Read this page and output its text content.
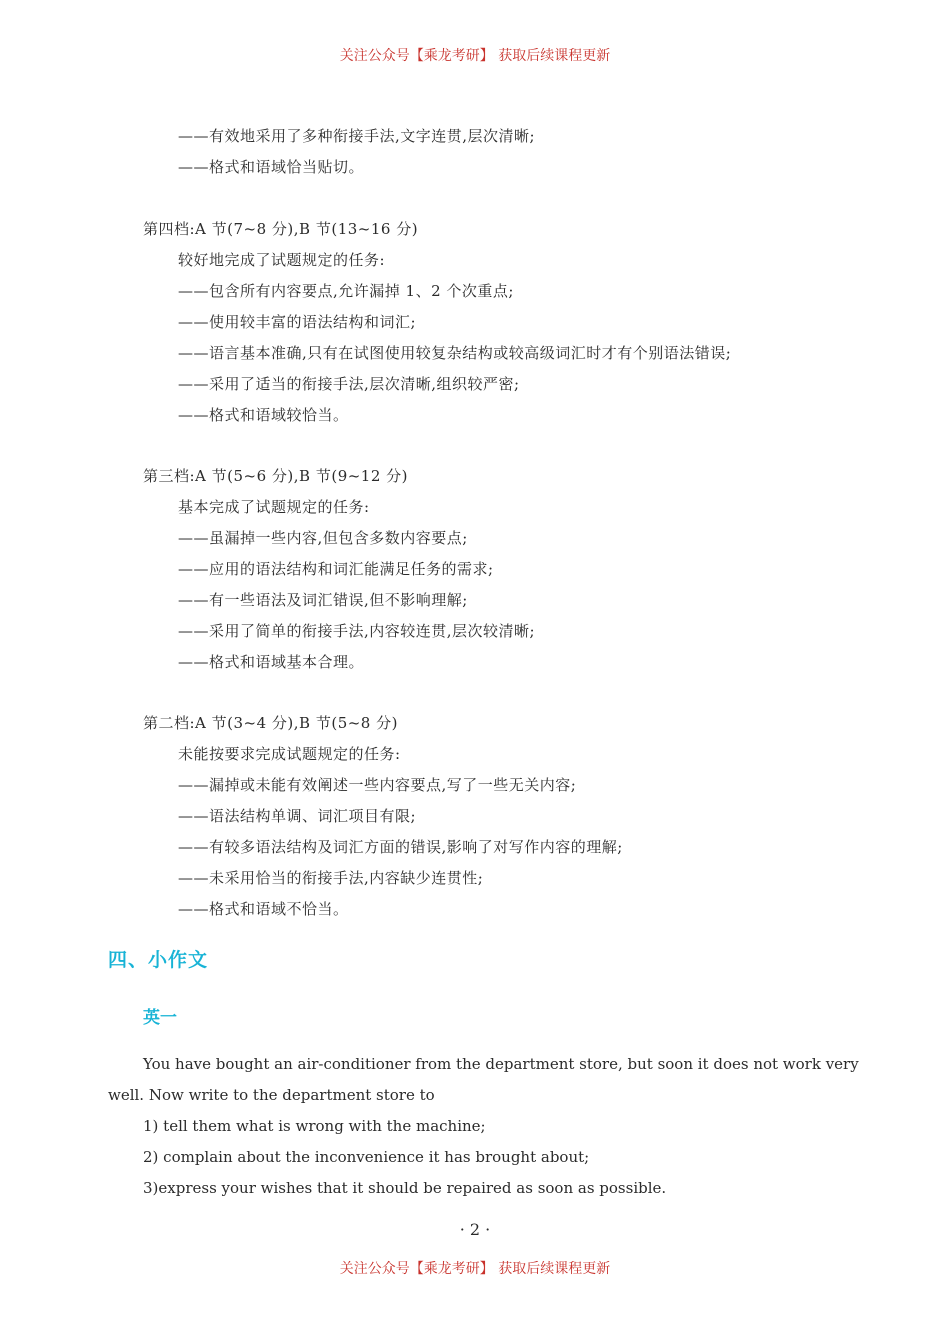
关注公众号【乘龙考研】 获取后续课程更新
——有效地采用了多种衔接手法,文字连贯,层次清晰;
——格式和语域恰当贴切。
第四档:A 节(7~8 分),B 节(13~16 分)
较好地完成了试题规定的任务:
——包含所有内容要点,允许漏掉 1、2 个次重点;
——使用较丰富的语法结构和词汇;
——语言基本准确,只有在试图使用较复杂结构或较高级词汇时才有个别语法错误;
——采用了适当的衔接手法,层次清晰,组织较严密;
——格式和语域较恰当。
第三档:A 节(5~6 分),B 节(9~12 分)
基本完成了试题规定的任务:
——虽漏掉一些内容,但包含多数内容要点;
——应用的语法结构和词汇能满足任务的需求;
——有一些语法及词汇错误,但不影响理解;
——采用了简单的衔接手法,内容较连贯,层次较清晰;
——格式和语域基本合理。
第二档:A 节(3~4 分),B 节(5~8 分)
未能按要求完成试题规定的任务:
——漏掉或未能有效阐述一些内容要点,写了一些无关内容;
——语法结构单调、词汇项目有限;
——有较多语法结构及词汇方面的错误,影响了对写作内容的理解;
——未采用恰当的衔接手法,内容缺少连贯性;
——格式和语域不恰当。
四、小作文
英一
You have bought an air-conditioner from the department store, but soon it does not work very
well. Now write to the department store to
1) tell them what is wrong with the machine;
2) complain about the inconvenience it has brought about;
3)express your wishes that it should be repaired as soon as possible.
· 2 ·
关注公众号【乘龙考研】 获取后续课程更新
